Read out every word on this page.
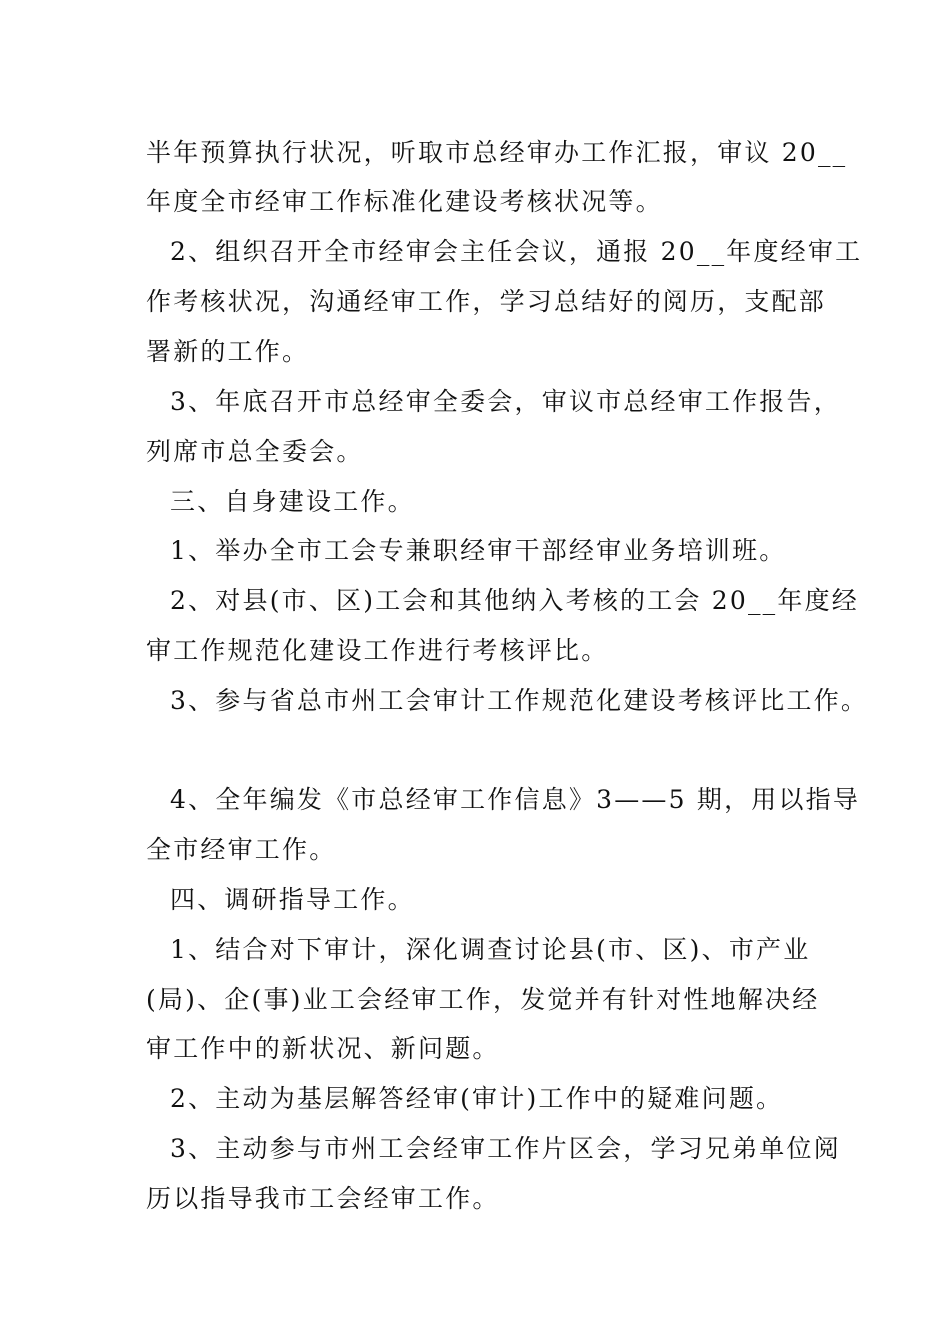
半年预算执行状况，听取市总经审办工作汇报，审议 20__
年度全市经审工作标准化建设考核状况等。
2、组织召开全市经审会主任会议，通报 20__年度经审工
作考核状况，沟通经审工作，学习总结好的阅历，支配部
署新的工作。
3、年底召开市总经审全委会，审议市总经审工作报告，
列席市总全委会。
三、自身建设工作。
1、举办全市工会专兼职经审干部经审业务培训班。
2、对县(市、区)工会和其他纳入考核的工会 20__年度经
审工作规范化建设工作进行考核评比。
3、参与省总市州工会审计工作规范化建设考核评比工作。
4、全年编发《市总经审工作信息》3——5 期，用以指导
全市经审工作。
四、调研指导工作。
1、结合对下审计，深化调查讨论县(市、区)、市产业
(局)、企(事)业工会经审工作，发觉并有针对性地解决经
审工作中的新状况、新问题。
2、主动为基层解答经审(审计)工作中的疑难问题。
3、主动参与市州工会经审工作片区会，学习兄弟单位阅
历以指导我市工会经审工作。
